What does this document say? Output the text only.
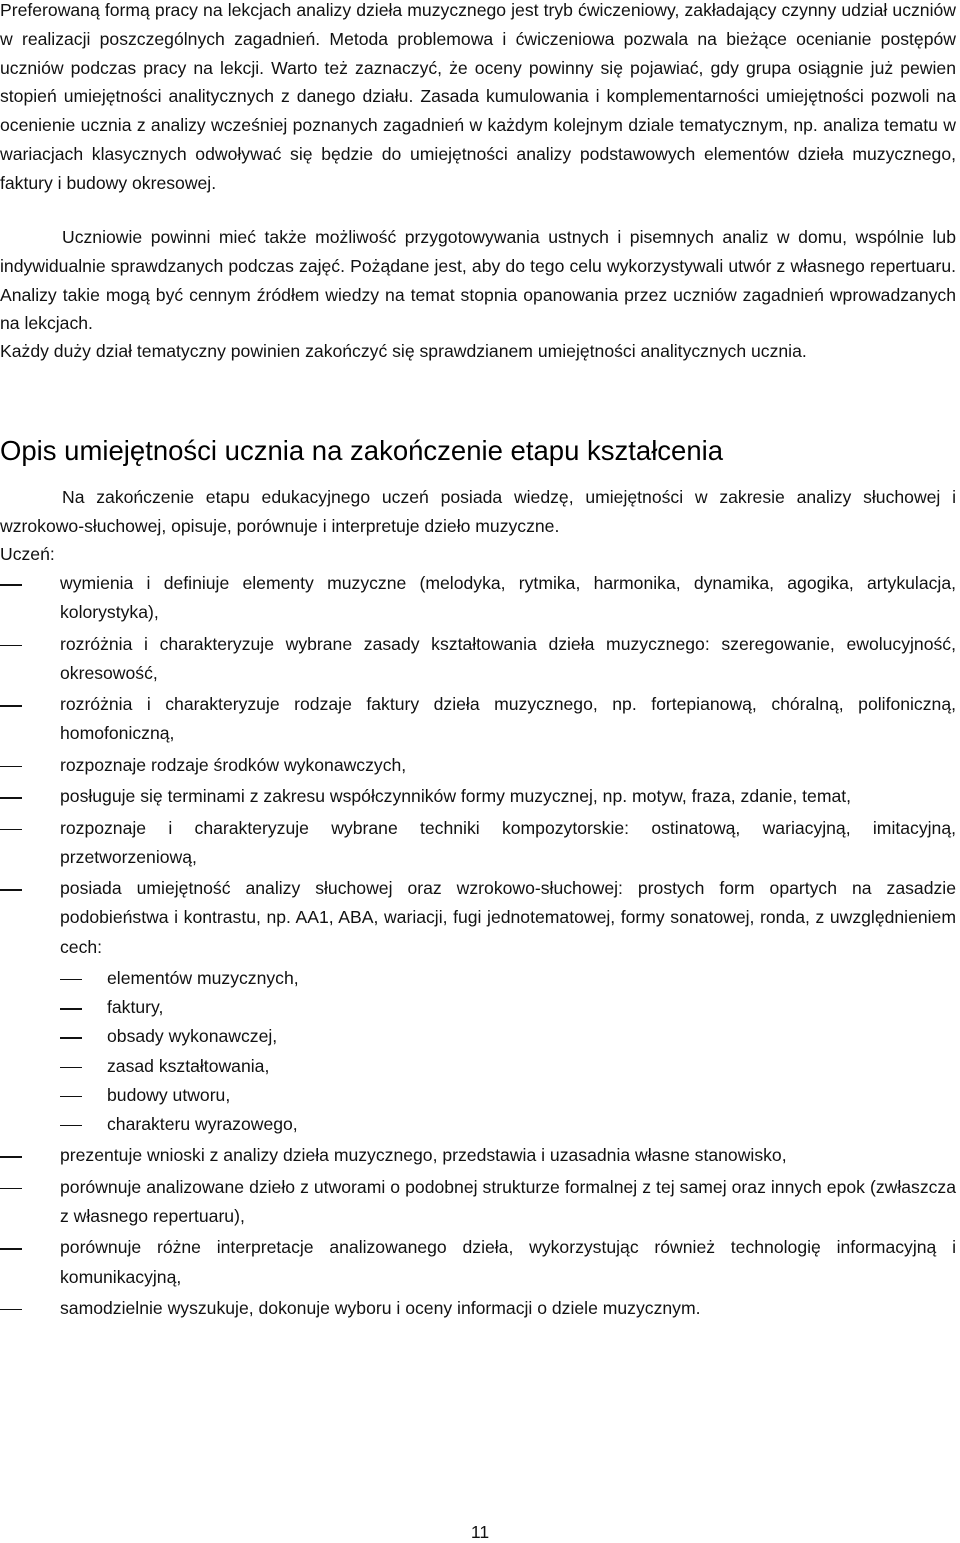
Preferowaną formą pracy na lekcjach analizy dzieła muzycznego jest tryb ćwiczeniowy, zakładający czynny udział uczniów w realizacji poszczególnych zagadnień. Metoda problemowa i ćwiczeniowa pozwala na bieżące ocenianie postępów uczniów podczas pracy na lekcji. Warto też zaznaczyć, że oceny powinny się pojawiać, gdy grupa osiągnie już pewien stopień umiejętności analitycznych z danego działu. Zasada kumulowania i komplementarności umiejętności pozwoli na ocenienie ucznia z analizy wcześniej poznanych zagadnień w każdym kolejnym dziale tematycznym, np. analiza tematu w wariacjach klasycznych odwoływać się będzie do umiejętności analizy podstawowych elementów dzieła muzycznego, faktury i budowy okresowej.

Uczniowie powinni mieć także możliwość przygotowywania ustnych i pisemnych analiz w domu, wspólnie lub indywidualnie sprawdzanych podczas zajęć. Pożądane jest, aby do tego celu wykorzystywali utwór z własnego repertuaru. Analizy takie mogą być cennym źródłem wiedzy na temat stopnia opanowania przez uczniów zagadnień wprowadzanych na lekcjach.

Każdy duży dział tematyczny powinien zakończyć się sprawdzianem umiejętności analitycznych ucznia.

Opis umiejętności ucznia na zakończenie etapu kształcenia

Na zakończenie etapu edukacyjnego uczeń posiada wiedzę, umiejętności w zakresie analizy słuchowej i wzrokowo-słuchowej, opisuje, porównuje i interpretuje dzieło muzyczne.

Uczeń:

wymienia i definiuje elementy muzyczne (melodyka, rytmika, harmonika, dynamika, agogika, artykulacja, kolorystyka),
rozróżnia i charakteryzuje wybrane zasady kształtowania dzieła muzycznego: szeregowanie, ewolucyjność, okresowość,
rozróżnia i charakteryzuje rodzaje faktury dzieła muzycznego, np. fortepianową, chóralną, polifoniczną, homofoniczną,
rozpoznaje rodzaje środków wykonawczych,
posługuje się terminami z zakresu współczynników formy muzycznej, np. motyw, fraza, zdanie, temat,
rozpoznaje i charakteryzuje wybrane techniki kompozytorskie: ostinatową, wariacyjną, imitacyjną, przetworzeniową,
posiada umiejętność analizy słuchowej oraz wzrokowo-słuchowej: prostych form opartych na zasadzie podobieństwa i kontrastu, np. AA1, ABA, wariacji, fugi jednotematowej, formy sonatowej, ronda, z uwzględnieniem cech:
elementów muzycznych,
faktury,
obsady wykonawczej,
zasad kształtowania,
budowy utworu,
charakteru wyrazowego,
prezentuje wnioski z analizy dzieła muzycznego, przedstawia i uzasadnia własne stanowisko,
porównuje analizowane dzieło z utworami o podobnej strukturze formalnej z tej samej oraz innych epok (zwłaszcza z własnego repertuaru),
porównuje różne interpretacje analizowanego dzieła, wykorzystując również technologię informacyjną i komunikacyjną,
samodzielnie wyszukuje, dokonuje wyboru i oceny informacji o dziele muzycznym.
11
